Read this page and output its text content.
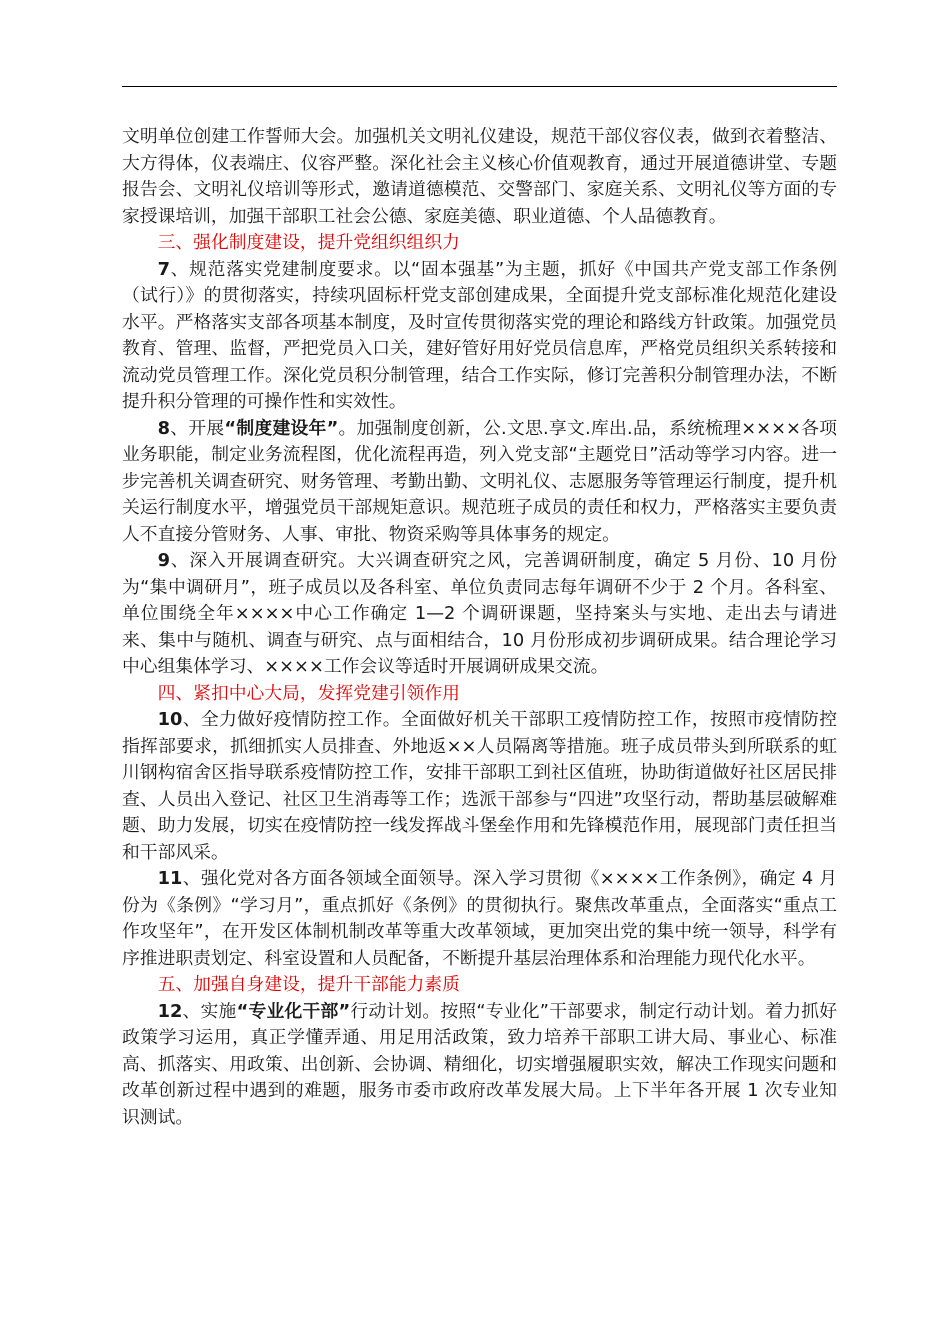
文明单位创建工作誓师大会。加强机关文明礼仪建设，规范干部仪容仪表，做到衣着整洁、大方得体，仪表端庄、仪容严整。深化社会主义核心价值观教育，通过开展道德讲堂、专题报告会、文明礼仪培训等形式，邀请道德模范、交警部门、家庭关系、文明礼仪等方面的专家授课培训，加强干部职工社会公德、家庭美德、职业道德、个人品德教育。

三、强化制度建设，提升党组织组织力

7、规范落实党建制度要求。以“固本强基”为主题，抓好《中国共产党支部工作条例（试行）》的贯彻落实，持续巩固标杆党支部创建成果，全面提升党支部标准化规范化建设水平。严格落实支部各项基本制度，及时宣传贯彻落实党的理论和路线方针政策。加强党员教育、管理、监督，严把党员入口关，建好管好用好党员信息库，严格党员组织关系转接和流动党员管理工作。深化党员积分制管理，结合工作实际，修订完善积分制管理办法，不断提升积分管理的可操作性和实效性。

8、开展“制度建设年”。加强制度创新，公.文思.享文.库出.品，系统梳理××××各项业务职能，制定业务流程图，优化流程再造，列入党支部“主题党日”活动等学习内容。进一步完善机关调查研究、财务管理、考勤出勤、文明礼仪、志愿服务等管理运行制度，提升机关运行制度水平，增强党员干部规矩意识。规范班子成员的责任和权力，严格落实主要负责人不直接分管财务、人事、审批、物资采购等具体事务的规定。

9、深入开展调查研究。大兴调查研究之风，完善调研制度，确定 5 月份、10 月份为“集中调研月”，班子成员以及各科室、单位负责同志每年调研不少于 2 个月。各科室、单位围绕全年××××中心工作确定 1—2 个调研课题，坚持案头与实地、走出去与请进来、集中与随机、调查与研究、点与面相结合，10 月份形成初步调研成果。结合理论学习中心组集体学习、××××工作会议等适时开展调研成果交流。

四、紧扣中心大局，发挥党建引领作用

10、全力做好疫情防控工作。全面做好机关干部职工疫情防控工作，按照市疫情防控指挥部要求，抓细抓实人员排查、外地返××人员隔离等措施。班子成员带头到所联系的虹川钢构宿舍区指导联系疫情防控工作，安排干部职工到社区值班，协助街道做好社区居民排查、人员出入登记、社区卫生消毒等工作；选派干部参与“四进”攻坚行动，帮助基层破解难题、助力发展，切实在疫情防控一线发挥战斗堡垒作用和先锋模范作用，展现部门责任担当和干部风采。

11、强化党对各方面各领域全面领导。深入学习贯彻《××××工作条例》，确定 4 月份为《条例》“学习月”，重点抓好《条例》的贯彻执行。聚焦改革重点，全面落实“重点工作攻坚年”，在开发区体制机制改革等重大改革领域，更加突出党的集中统一领导，科学有序推进职责划定、科室设置和人员配备，不断提升基层治理体系和治理能力现代化水平。

五、加强自身建设，提升干部能力素质

12、实施“专业化干部”行动计划。按照“专业化”干部要求，制定行动计划。着力抓好政策学习运用，真正学懂弄通、用足用活政策，致力培养干部职工讲大局、事业心、标准高、抓落实、用政策、出创新、会协调、精细化，切实增强履职实效，解决工作现实问题和改革创新过程中遇到的难题，服务市委市政府改革发展大局。上下半年各开展 1 次专业知识测试。
